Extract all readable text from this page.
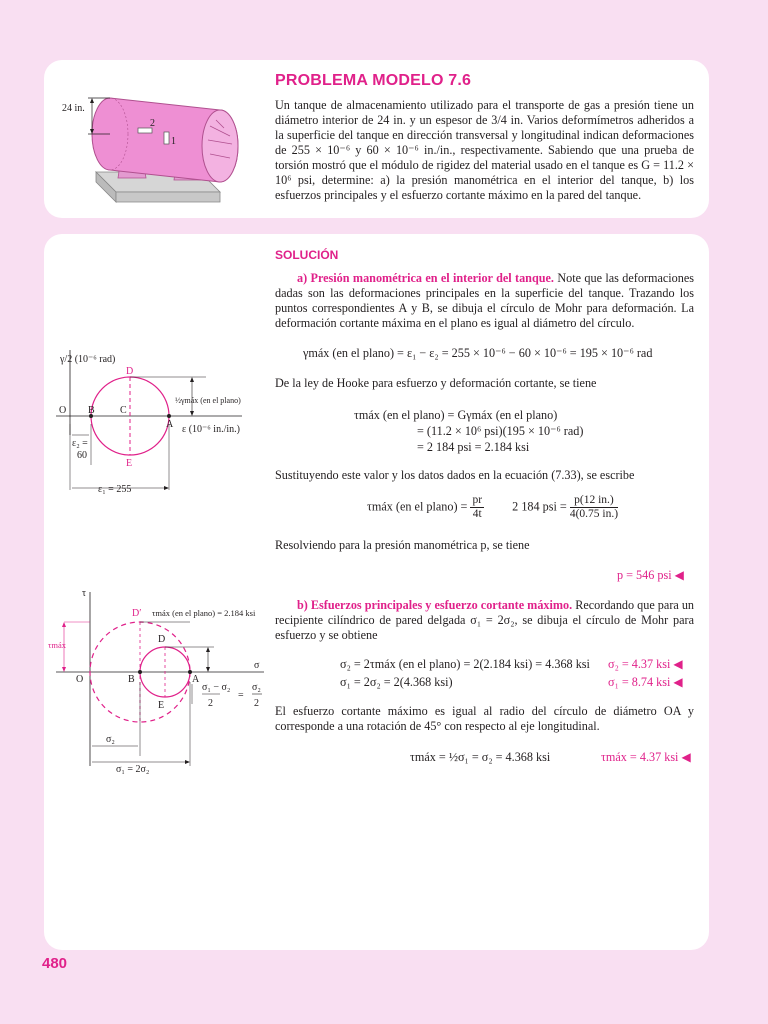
2
1
24 in.
PROBLEMA MODELO 7.6

Un tanque de almacenamiento utilizado para el transporte de gas a presión tiene un diámetro interior de 24 in. y un espesor de 3/4 in. Varios deformímetros adheridos a la superficie del tanque en dirección transversal y longitudinal indican deformaciones de 255 × 10⁻⁶ y 60 × 10⁻⁶ in./in., respectivamente. Sabiendo que una prueba de torsión mostró que el módulo de rigidez del material usado en el tanque es G = 11.2 × 10⁶ psi, determine: a) la presión manométrica en el interior del tanque, b) los esfuerzos principales y el esfuerzo cortante máximo en la pared del tanque.

SOLUCIÓN

a) Presión manométrica en el interior del tanque. Note que las deformaciones dadas son las deformaciones principales en la superficie del tanque. Trazando los puntos correspondientes A y B, se dibuja el círculo de Mohr para deformación. La deformación cortante máxima en el plano es igual al diámetro del círculo.

γmáx (en el plano) = ε₁ − ε₂ = 255 × 10⁻⁶ − 60 × 10⁻⁶ = 195 × 10⁻⁶ rad

De la ley de Hooke para esfuerzo y deformación cortante, se tiene

τmáx (en el plano) = Gγmáx (en el plano)
= (11.2 × 10⁶ psi)(195 × 10⁻⁶ rad)
= 2 184 psi = 2.184 ksi

Sustituyendo este valor y los datos dados en la ecuación (7.33), se escribe

τmáx (en el plano) = $\frac{pr}{4t} 2$ 184 psi = $\frac{p(12 in.)}{4(0.75 in.)}$

Resolviendo para la presión manométrica p, se tiene

p = 546 psi ◀

b) Esfuerzos principales y esfuerzo cortante máximo. Recordando que para un recipiente cilíndrico de pared delgada σ₁ = 2σ₂, se dibuja el círculo de Mohr para esfuerzo y se obtiene

σ₂ = 2τmáx (en el plano) = 2(2.184 ksi) = 4.368 ksi
σ₁ = 2σ₂ = 2(4.368 ksi)
σ₂ = 4.37 ksi ◀
σ₁ = 8.74 ksi ◀

El esfuerzo cortante máximo es igual al radio del círculo de diámetro OA y corresponde a una rotación de 45° con respecto al eje longitudinal.

τmáx = ½σ₁ = σ₂ = 4.368 ksi	τmáx = 4.37 ksi ◀
γ/2 (10⁻⁶ rad)
ε (10⁻⁶ in./in.)
O B	C
A
D
E
½γmáx (en el plano)
ε₂ =
60
ε₁ = 255
τ
σ
τmáx (en el plano) = 2.184 ksi
τmáx
O	B	A
D
D′
E
σ₁ − σ₂
2
=
σ₂
2
σ₂
σ₁ = 2σ₂
480
